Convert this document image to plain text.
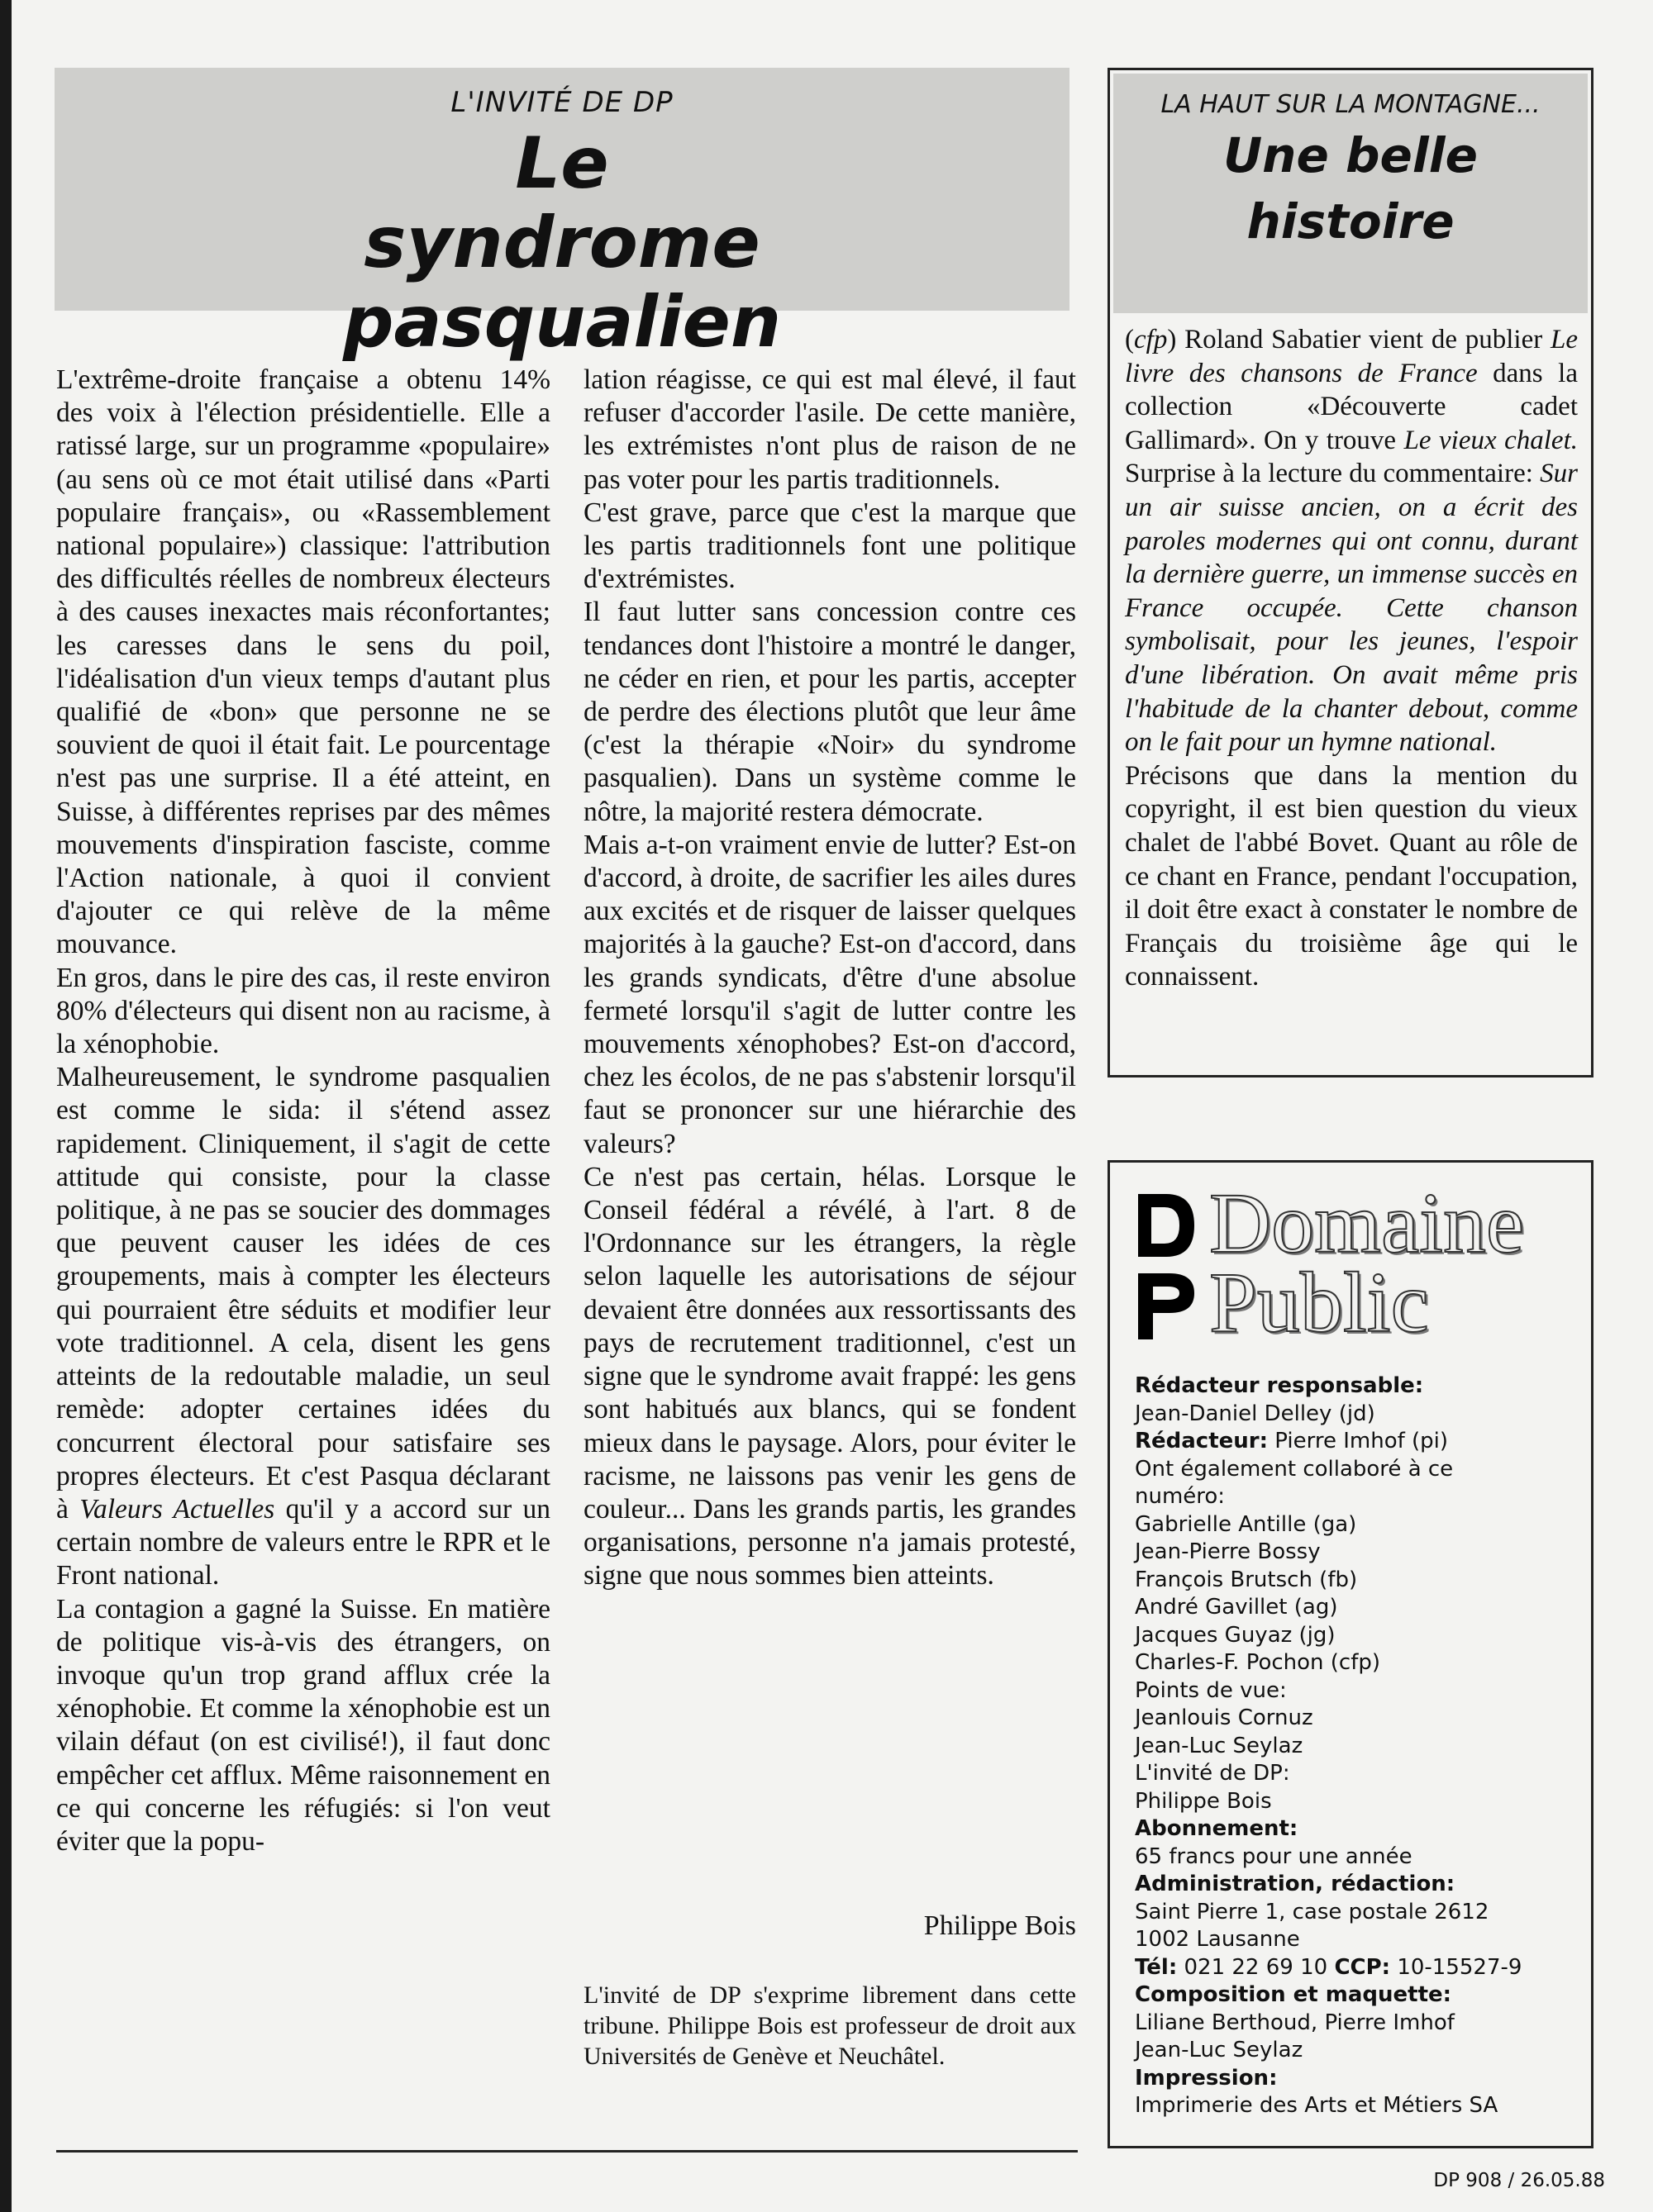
L'INVITÉ DE DP
Le syndrome pasqualien

L'extrême-droite française a obtenu 14% des voix à l'élection présidentielle. Elle a ratissé large, sur un programme «populaire» (au sens où ce mot était utilisé dans «Parti populaire français», ou «Rassemblement national populaire») classique: l'attribution des difficultés réelles de nombreux électeurs à des causes inexactes mais réconfortantes; les caresses dans le sens du poil, l'idéalisation d'un vieux temps d'autant plus qualifié de «bon» que personne ne se souvient de quoi il était fait. Le pourcentage n'est pas une surprise. Il a été atteint, en Suisse, à différentes reprises par des mêmes mouvements d'inspiration fasciste, comme l'Action nationale, à quoi il convient d'ajouter ce qui relève de la même mouvance.

En gros, dans le pire des cas, il reste environ 80% d'électeurs qui disent non au racisme, à la xénophobie.

Malheureusement, le syndrome pasqualien est comme le sida: il s'étend assez rapidement. Cliniquement, il s'agit de cette attitude qui consiste, pour la classe politique, à ne pas se soucier des dommages que peuvent causer les idées de ces groupements, mais à compter les électeurs qui pourraient être séduits et modifier leur vote traditionnel. A cela, disent les gens atteints de la redoutable maladie, un seul remède: adopter certaines idées du concurrent électoral pour satisfaire ses propres électeurs. Et c'est Pasqua déclarant à Valeurs Actuelles qu'il y a accord sur un certain nombre de valeurs entre le RPR et le Front national.

La contagion a gagné la Suisse. En matière de politique vis-à-vis des étrangers, on invoque qu'un trop grand afflux crée la xénophobie. Et comme la xénophobie est un vilain défaut (on est civilisé!), il faut donc empêcher cet afflux. Même raisonnement en ce qui concerne les réfugiés: si l'on veut éviter que la popu-

lation réagisse, ce qui est mal élevé, il faut refuser d'accorder l'asile. De cette manière, les extrémistes n'ont plus de raison de ne pas voter pour les partis traditionnels.

C'est grave, parce que c'est la marque que les partis traditionnels font une politique d'extrémistes.

Il faut lutter sans concession contre ces tendances dont l'histoire a montré le danger, ne céder en rien, et pour les partis, accepter de perdre des élections plutôt que leur âme (c'est la thérapie «Noir» du syndrome pasqualien). Dans un système comme le nôtre, la majorité restera démocrate.

Mais a-t-on vraiment envie de lutter? Est-on d'accord, à droite, de sacrifier les ailes dures aux excités et de risquer de laisser quelques majorités à la gauche? Est-on d'accord, dans les grands syndicats, d'être d'une absolue fermeté lorsqu'il s'agit de lutter contre les mouvements xénophobes? Est-on d'accord, chez les écolos, de ne pas s'abstenir lorsqu'il faut se prononcer sur une hiérarchie des valeurs?

Ce n'est pas certain, hélas. Lorsque le Conseil fédéral a révélé, à l'art. 8 de l'Ordonnance sur les étrangers, la règle selon laquelle les autorisations de séjour devaient être données aux ressortissants des pays de recrutement traditionnel, c'est un signe que le syndrome avait frappé: les gens sont habitués aux blancs, qui se fondent mieux dans le paysage. Alors, pour éviter le racisme, ne laissons pas venir les gens de couleur... Dans les grands partis, les grandes organisations, personne n'a jamais protesté, signe que nous sommes bien atteints.

Philippe Bois
L'invité de DP s'exprime librement dans cette tribune. Philippe Bois est professeur de droit aux Universités de Genève et Neuchâtel.
LA HAUT SUR LA MONTAGNE...
Une belle histoire

(cfp) Roland Sabatier vient de publier Le livre des chansons de France dans la collection «Découverte cadet Gallimard». On y trouve Le vieux chalet. Surprise à la lecture du commentaire: Sur un air suisse ancien, on a écrit des paroles modernes qui ont connu, durant la dernière guerre, un immense succès en France occupée. Cette chanson symbolisait, pour les jeunes, l'espoir d'une libération. On avait même pris l'habitude de la chanter debout, comme on le fait pour un hymne national.

Précisons que dans la mention du copyright, il est bien question du vieux chalet de l'abbé Bovet. Quant au rôle de ce chant en France, pendant l'occupation, il doit être exact à constater le nombre de Français du troisième âge qui le connaissent.

Domaine
Public
Rédacteur responsable:
Jean-Daniel Delley (jd)
Rédacteur: Pierre Imhof (pi)
Ont également collaboré à ce
numéro:
Gabrielle Antille (ga)
Jean-Pierre Bossy
François Brutsch (fb)
André Gavillet (ag)
Jacques Guyaz (jg)
Charles-F. Pochon (cfp)
Points de vue:
Jeanlouis Cornuz
Jean-Luc Seylaz
L'invité de DP:
Philippe Bois
Abonnement:
65 francs pour une année
Administration, rédaction:
Saint Pierre 1, case postale 2612
1002 Lausanne
Tél: 021 22 69 10 CCP: 10-15527-9
Composition et maquette:
Liliane Berthoud, Pierre Imhof
Jean-Luc Seylaz
Impression:
Imprimerie des Arts et Métiers SA
DP 908 / 26.05.88
